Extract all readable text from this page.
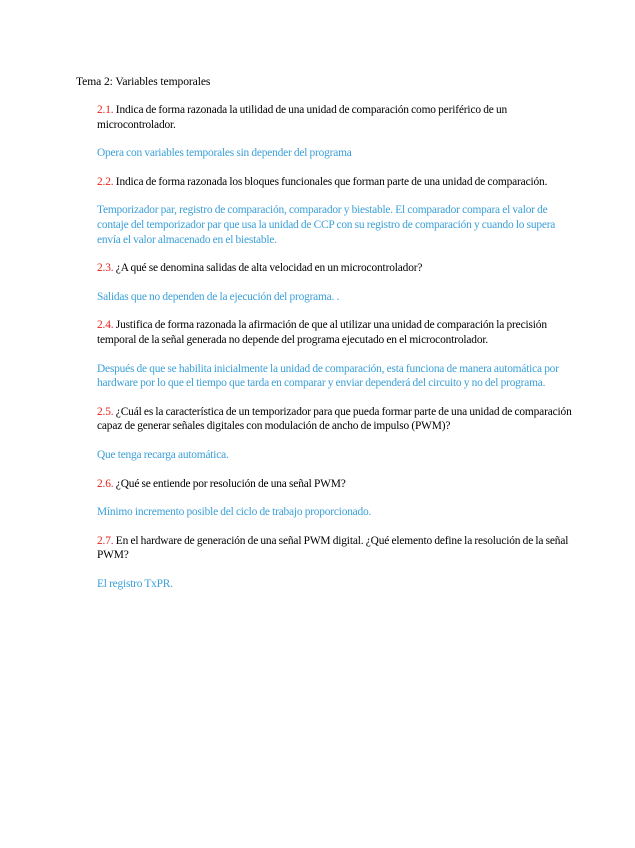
Tema 2: Variables temporales

2.1. Indica de forma razonada la utilidad de una unidad de comparación como periférico de un microcontrolador.

Opera con variables temporales sin depender del programa

2.2. Indica de forma razonada los bloques funcionales que forman parte de una unidad de comparación.

Temporizador par, registro de comparación, comparador y biestable. El comparador compara el valor de contaje del temporizador par que usa la unidad de CCP con su registro de comparación y cuando lo supera envía el valor almacenado en el biestable.

2.3. ¿A qué se denomina salidas de alta velocidad en un microcontrolador?

Salidas que no dependen de la ejecución del programa. .

2.4. Justifica de forma razonada la afirmación de que al utilizar una unidad de comparación la precisión temporal de la señal generada no depende del programa ejecutado en el microcontrolador.

Después de que se habilita inicialmente la unidad de comparación, esta funciona de manera automática por hardware por lo que el tiempo que tarda en comparar y enviar dependerá del circuito y no del programa.

2.5. ¿Cuál es la característica de un temporizador para que pueda formar parte de una unidad de comparación capaz de generar señales digitales con modulación de ancho de impulso (PWM)?

Que tenga recarga automática.

2.6. ¿Qué se entiende por resolución de una señal PWM?

Mínimo incremento posible del ciclo de trabajo proporcionado.

2.7. En el hardware de generación de una señal PWM digital. ¿Qué elemento define la resolución de la señal PWM?

El registro TxPR.
